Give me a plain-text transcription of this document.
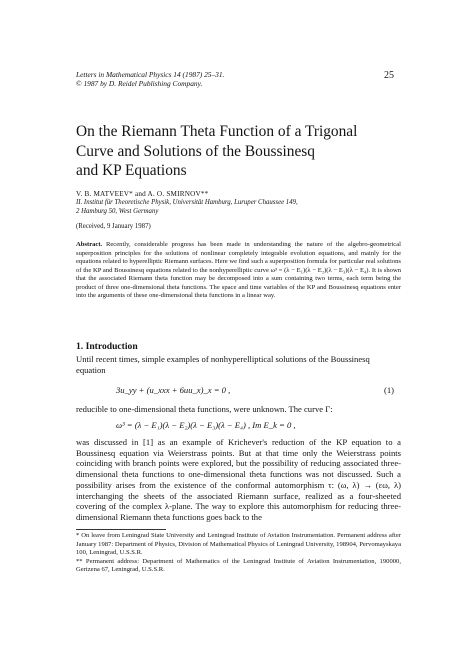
Letters in Mathematical Physics 14 (1987) 25–31.
© 1987 by D. Reidel Publishing Company.
25
On the Riemann Theta Function of a Trigonal
Curve and Solutions of the Boussinesq
and KP Equations
V. B. MATVEEV* and A. O. SMIRNOV**
II. Institut für Theoretische Physik, Universität Hamburg, Luruper Chaussee 149,
2 Hamburg 50, West Germany
(Received, 9 January 1987)
Abstract. Recently, considerable progress has been made in understanding the nature of the algebro-geometrical superposition principles for the solutions of nonlinear completely integrable evolution equations, and mainly for the equations related to hyperelliptic Riemann surfaces. Here we find such a superposition formula for particular real solutions of the KP and Boussinesq equations related to the nonhyperelliptic curve ω³ = (λ − E₁)(λ − E₂)(λ − E₃)(λ − E₄). It is shown that the associated Riemann theta function may be decomposed into a sum containing two terms, each term being the product of three one-dimensional theta functions. The space and time variables of the KP and Boussinesq equations enter into the arguments of these one-dimensional theta functions in a linear way.
1. Introduction
Until recent times, simple examples of nonhyperelliptical solutions of the Boussinesq equation
3u_yy + (u_xxx + 6uu_x)_x = 0 ,	(1)
reducible to one-dimensional theta functions, were unknown. The curve Γ:
ω³ = (λ − E₁)(λ − E₂)(λ − E₃)(λ − E₄) , Im E_k = 0 ,

was discussed in [1] as an example of Krichever's reduction of the KP equation to a Boussinesq equation via Weierstrass points. But at that time only the Weierstrass points coinciding with branch points were explored, but the possibility of reducing associated three-dimensional theta functions to one-dimensional theta functions was not discussed. Such a possibility arises from the existence of the conformal automorphism τ: (ω, λ) → (εω, λ) interchanging the sheets of the associated Riemann surface, realized as a four-sheeted covering of the complex λ-plane. The way to explore this automorphism for reducing three-dimensional Riemann theta functions goes back to the

* On leave from Leningrad State University and Leningrad Institute of Aviation Instrumentation. Permanent address after January 1987: Department of Physics, Division of Mathematical Physics of Leningrad University, 198904, Pervomayskaya 100, Leningrad, U.S.S.R.

** Permanent address: Department of Mathematics of the Leningrad Institute of Aviation Instrumentation, 190000, Gertzena 67, Leningrad, U.S.S.R.
